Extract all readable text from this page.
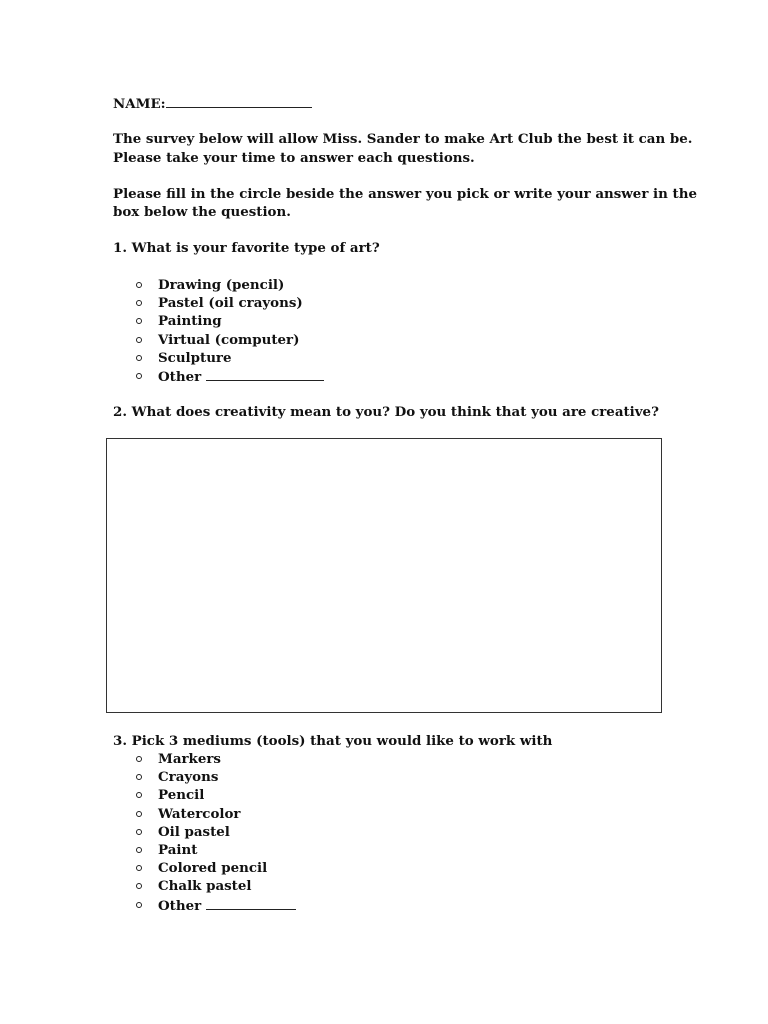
NAME:
The survey below will allow Miss. Sander to make Art Club the best it can be.
Please take your time to answer each questions.
Please fill in the circle beside the answer you pick or write your answer in the
box below the question.
1. What is your favorite type of art?
Drawing (pencil)
Pastel (oil crayons)
Painting
Virtual (computer)
Sculpture
Other
2. What does creativity mean to you? Do you think that you are creative?
3. Pick 3 mediums (tools) that you would like to work with
Markers
Crayons
Pencil
Watercolor
Oil pastel
Paint
Colored pencil
Chalk pastel
Other
